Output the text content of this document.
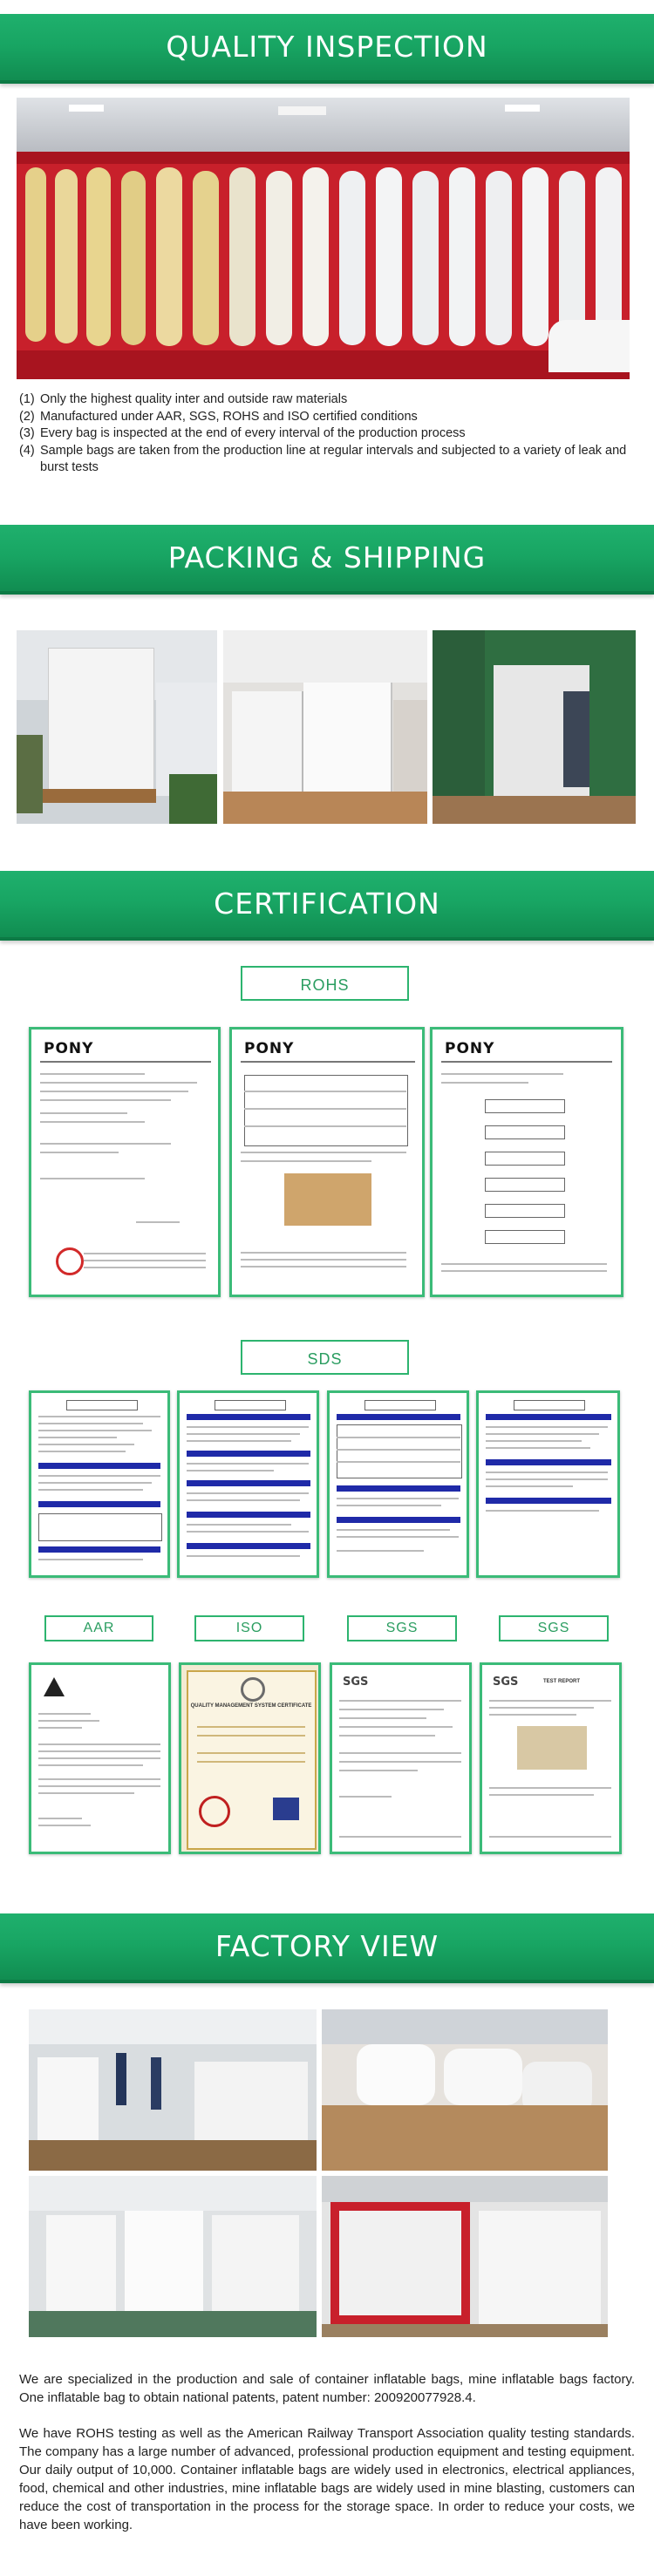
QUALITY INSPECTION
(1) Only the highest quality inter and outside raw materials
(2) Manufactured under AAR, SGS, ROHS and ISO certified conditions
(3) Every bag is inspected at the end of every interval of the production process
(4) Sample bags are taken from the production line at regular intervals and subjected to a variety of leak and burst tests
PACKING & SHIPPING
CERTIFICATION
ROHS
PONY	PONY	PONY
SDS
AAR	ISO	SGS	SGS
QUALITY MANAGEMENT SYSTEM CERTIFICATE
SGS	SGS	TEST REPORT
FACTORY VIEW
We are specialized in the production and sale of container inflatable bags, mine inflatable bags factory. One inflatable bag to obtain national patents, patent number: 200920077928.4.
We have ROHS testing as well as the American Railway Transport Association quality testing standards. The company has a large number of advanced, professional production equipment and testing equipment. Our daily output of 10,000. Container inflatable bags are widely used in electronics, electrical appliances, food, chemical and other industries, mine inflatable bags are widely used in mine blasting, customers can reduce the cost of transportation in the process for the storage space. In order to reduce your costs, we have been working.
